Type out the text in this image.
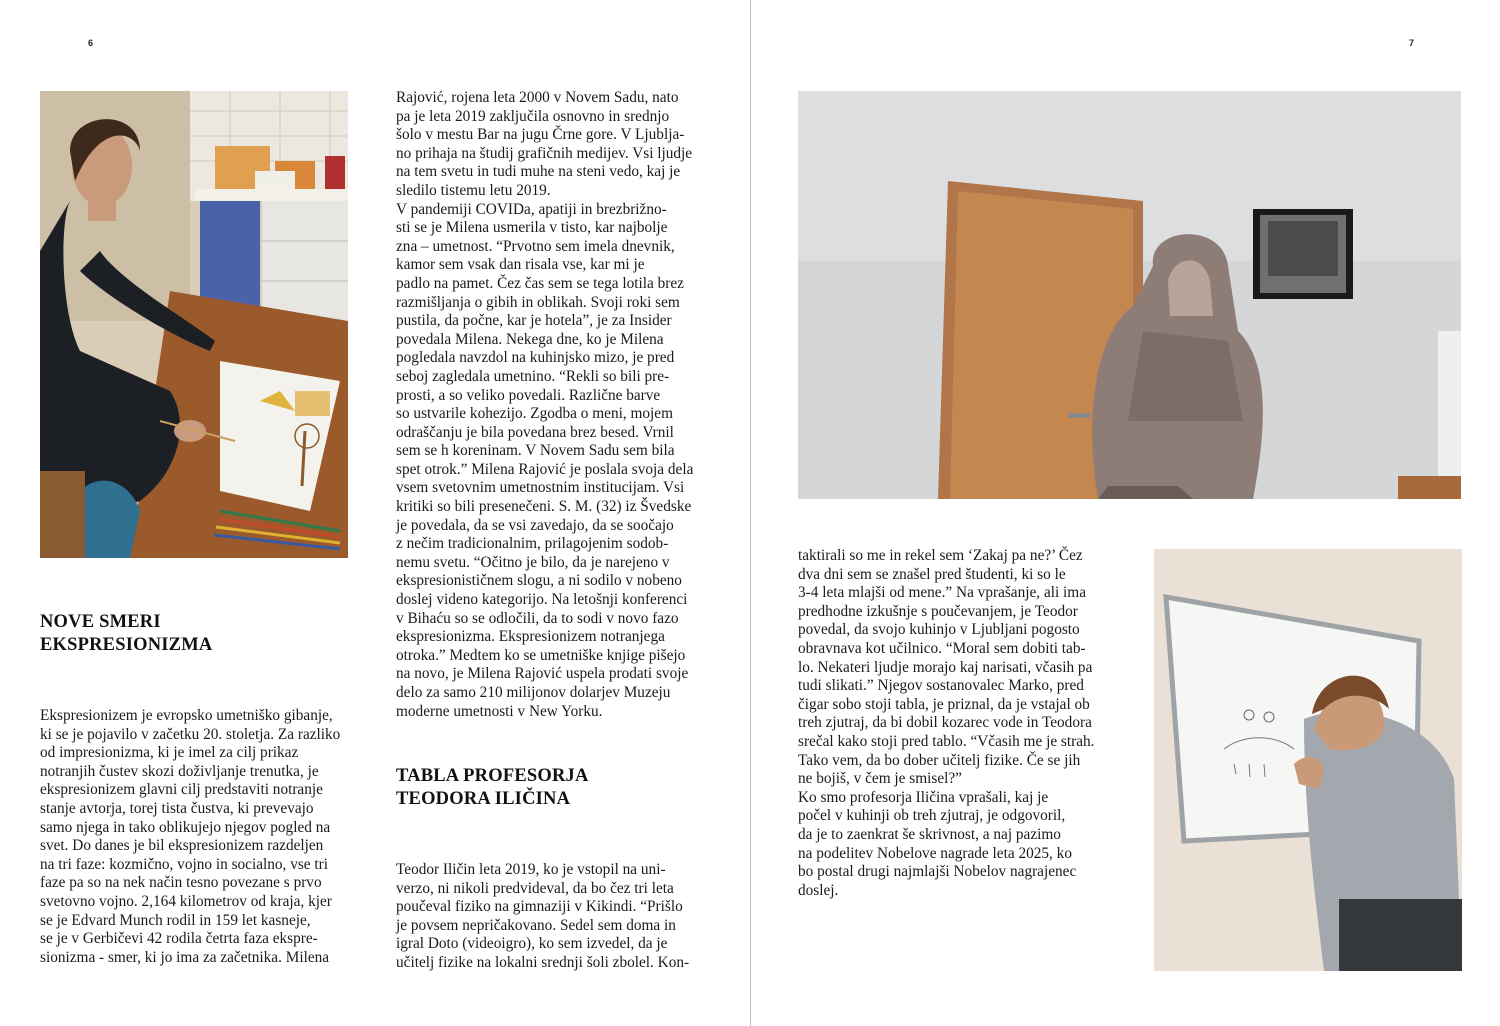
6
NOVE SMERI
EKSPRESIONIZMA
Ekspresionizem je evropsko umetniško gibanje,
ki se je pojavilo v začetku 20. stoletja. Za razliko
od impresionizma, ki je imel za cilj prikaz
notranjih čustev skozi doživljanje trenutka, je
ekspresionizem glavni cilj predstaviti notranje
stanje avtorja, torej tista čustva, ki prevevajo
samo njega in tako oblikujejo njegov pogled na
svet. Do danes je bil ekspresionizem razdeljen
na tri faze: kozmično, vojno in socialno, vse tri
faze pa so na nek način tesno povezane s prvo
svetovno vojno. 2,164 kilometrov od kraja, kjer
se je Edvard Munch rodil in 159 let kasneje,
se je v Gerbičevi 42 rodila četrta faza ekspre-
sionizma - smer, ki jo ima za začetnika. Milena
Rajović, rojena leta 2000 v Novem Sadu, nato
pa je leta 2019 zaključila osnovno in srednjo
šolo v mestu Bar na jugu Črne gore. V Ljublja-
no prihaja na študij grafičnih medijev. Vsi ljudje
na tem svetu in tudi muhe na steni vedo, kaj je
sledilo tistemu letu 2019.
V pandemiji COVIDa, apatiji in brezbrižno-
sti se je Milena usmerila v tisto, kar najbolje
zna – umetnost. “Prvotno sem imela dnevnik,
kamor sem vsak dan risala vse, kar mi je
padlo na pamet. Čez čas sem se tega lotila brez
razmišljanja o gibih in oblikah. Svoji roki sem
pustila, da počne, kar je hotela”, je za Insider
povedala Milena. Nekega dne, ko je Milena
pogledala navzdol na kuhinjsko mizo, je pred
seboj zagledala umetnino. “Rekli so bili pre-
prosti, a so veliko povedali. Različne barve
so ustvarile kohezijo. Zgodba o meni, mojem
odraščanju je bila povedana brez besed. Vrnil
sem se h koreninam. V Novem Sadu sem bila
spet otrok.” Milena Rajović je poslala svoja dela
vsem svetovnim umetnostnim institucijam. Vsi
kritiki so bili presenečeni. S. M. (32) iz Švedske
je povedala, da se vsi zavedajo, da se soočajo
z nečim tradicionalnim, prilagojenim sodob-
nemu svetu. “Očitno je bilo, da je narejeno v
ekspresionističnem slogu, a ni sodilo v nobeno
doslej videno kategorijo. Na letošnji konferenci
v Bihaću so se odločili, da to sodi v novo fazo
ekspresionizma. Ekspresionizem notranjega
otroka.” Medtem ko se umetniške knjige pišejo
na novo, je Milena Rajović uspela prodati svoje
delo za samo 210 milijonov dolarjev Muzeju
moderne umetnosti v New Yorku.
TABLA PROFESORJA
TEODORA ILIČINA
Teodor Iličin leta 2019, ko je vstopil na uni-
verzo, ni nikoli predvideval, da bo čez tri leta
poučeval fiziko na gimnaziji v Kikindi. “Prišlo
je povsem nepričakovano. Sedel sem doma in
igral Doto (videoigro), ko sem izvedel, da je
učitelj fizike na lokalni srednji šoli zbolel. Kon-
7
taktirali so me in rekel sem ‘Zakaj pa ne?’ Čez
dva dni sem se znašel pred študenti, ki so le
3-4 leta mlajši od mene.” Na vprašanje, ali ima
predhodne izkušnje s poučevanjem, je Teodor
povedal, da svojo kuhinjo v Ljubljani pogosto
obravnava kot učilnico. “Moral sem dobiti tab-
lo. Nekateri ljudje morajo kaj narisati, včasih pa
tudi slikati.” Njegov sostanovalec Marko, pred
čigar sobo stoji tabla, je priznal, da je vstajal ob
treh zjutraj, da bi dobil kozarec vode in Teodora
srečal kako stoji pred tablo. “Včasih me je strah.
Tako vem, da bo dober učitelj fizike. Če se jih
ne bojiš, v čem je smisel?”
Ko smo profesorja Iličina vprašali, kaj je
počel v kuhinji ob treh zjutraj, je odgovoril,
da je to zaenkrat še skrivnost, a naj pazimo
na podelitev Nobelove nagrade leta 2025, ko
bo postal drugi najmlajši Nobelov nagrajenec
doslej.
